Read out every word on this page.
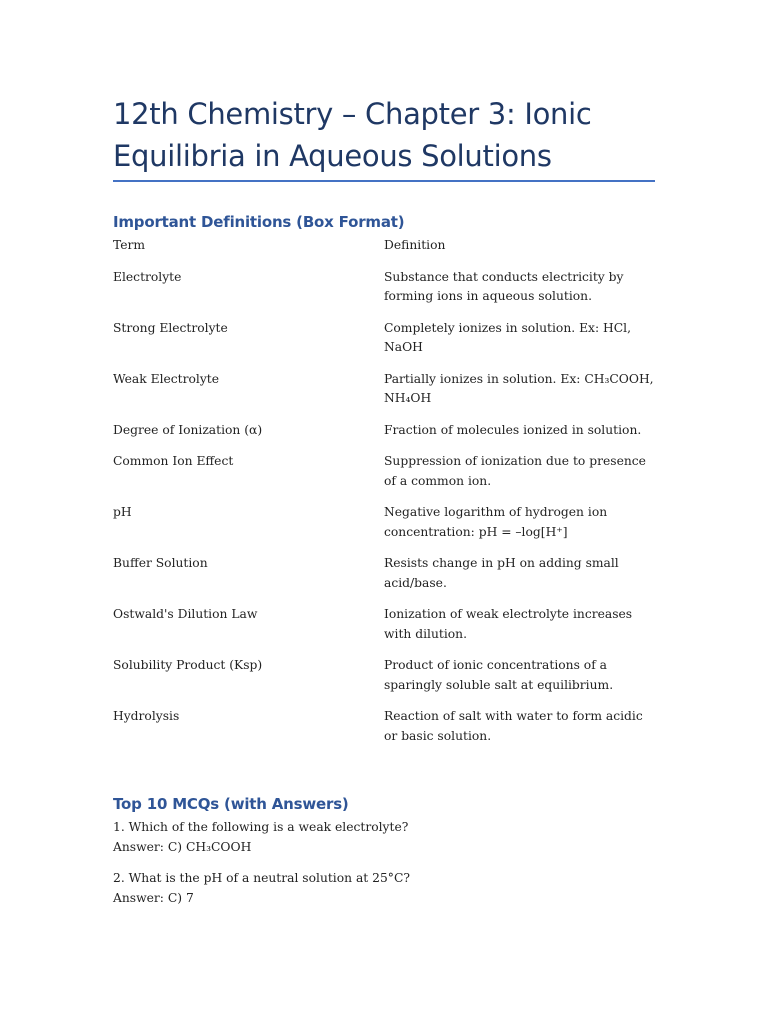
12th Chemistry – Chapter 3: Ionic Equilibria in Aqueous Solutions
Important Definitions (Box Format)
Term	Definition
Electrolyte	Substance that conducts electricity by forming ions in aqueous solution.
Strong Electrolyte	Completely ionizes in solution. Ex: HCl, NaOH
Weak Electrolyte	Partially ionizes in solution. Ex: CH₃COOH, NH₄OH
Degree of Ionization (α)	Fraction of molecules ionized in solution.
Common Ion Effect	Suppression of ionization due to presence of a common ion.
pH	Negative logarithm of hydrogen ion concentration: pH = –log[H⁺]
Buffer Solution	Resists change in pH on adding small acid/base.
Ostwald's Dilution Law	Ionization of weak electrolyte increases with dilution.
Solubility Product (Ksp)	Product of ionic concentrations of a sparingly soluble salt at equilibrium.
Hydrolysis	Reaction of salt with water to form acidic or basic solution.
Top 10 MCQs (with Answers)
1. Which of the following is a weak electrolyte?
Answer: C) CH₃COOH
2. What is the pH of a neutral solution at 25°C?
Answer: C) 7
